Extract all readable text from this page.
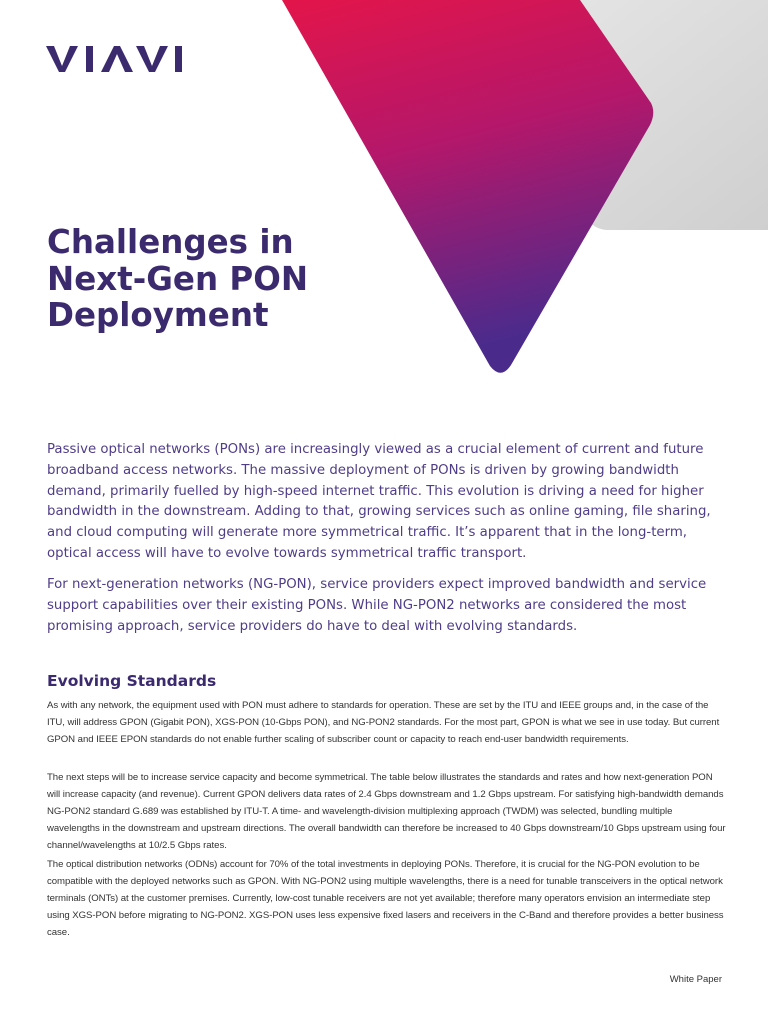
Challenges in
Next-Gen PON
Deployment

Passive optical networks (PONs) are increasingly viewed as a crucial element of current and future broadband access networks. The massive deployment of PONs is driven by growing bandwidth demand, primarily fuelled by high-speed internet traffic. This evolution is driving a need for higher bandwidth in the downstream. Adding to that, growing services such as online gaming, file sharing, and cloud computing will generate more symmetrical traffic. It’s apparent that in the long-term, optical access will have to evolve towards symmetrical traffic transport.

For next-generation networks (NG-PON), service providers expect improved bandwidth and service support capabilities over their existing PONs. While NG-PON2 networks are considered the most promising approach, service providers do have to deal with evolving standards.

Evolving Standards

As with any network, the equipment used with PON must adhere to standards for operation. These are set by the ITU and IEEE groups and, in the case of the ITU, will address GPON (Gigabit PON), XGS-PON (10-Gbps PON), and NG-PON2 standards. For the most part, GPON is what we see in use today. But current GPON and IEEE EPON standards do not enable further scaling of subscriber count or capacity to reach end-user bandwidth requirements.

The next steps will be to increase service capacity and become symmetrical. The table below illustrates the standards and rates and how next-generation PON will increase capacity (and revenue). Current GPON delivers data rates of 2.4 Gbps downstream and 1.2 Gbps upstream. For satisfying high-bandwidth demands NG-PON2 standard G.689 was established by ITU-T. A time- and wavelength-division multiplexing approach (TWDM) was selected, bundling multiple wavelengths in the downstream and upstream directions. The overall bandwidth can therefore be increased to 40 Gbps downstream/10 Gbps upstream using four channel/wavelengths at 10/2.5 Gbps rates.

The optical distribution networks (ODNs) account for 70% of the total investments in deploying PONs. Therefore, it is crucial for the NG-PON evolution to be compatible with the deployed networks such as GPON. With NG-PON2 using multiple wavelengths, there is a need for tunable transceivers in the optical network terminals (ONTs) at the customer premises. Currently, low-cost tunable receivers are not yet available; therefore many operators envision an intermediate step using XGS-PON before migrating to NG-PON2. XGS-PON uses less expensive fixed lasers and receivers in the C-Band and therefore provides a better business case.

White Paper
